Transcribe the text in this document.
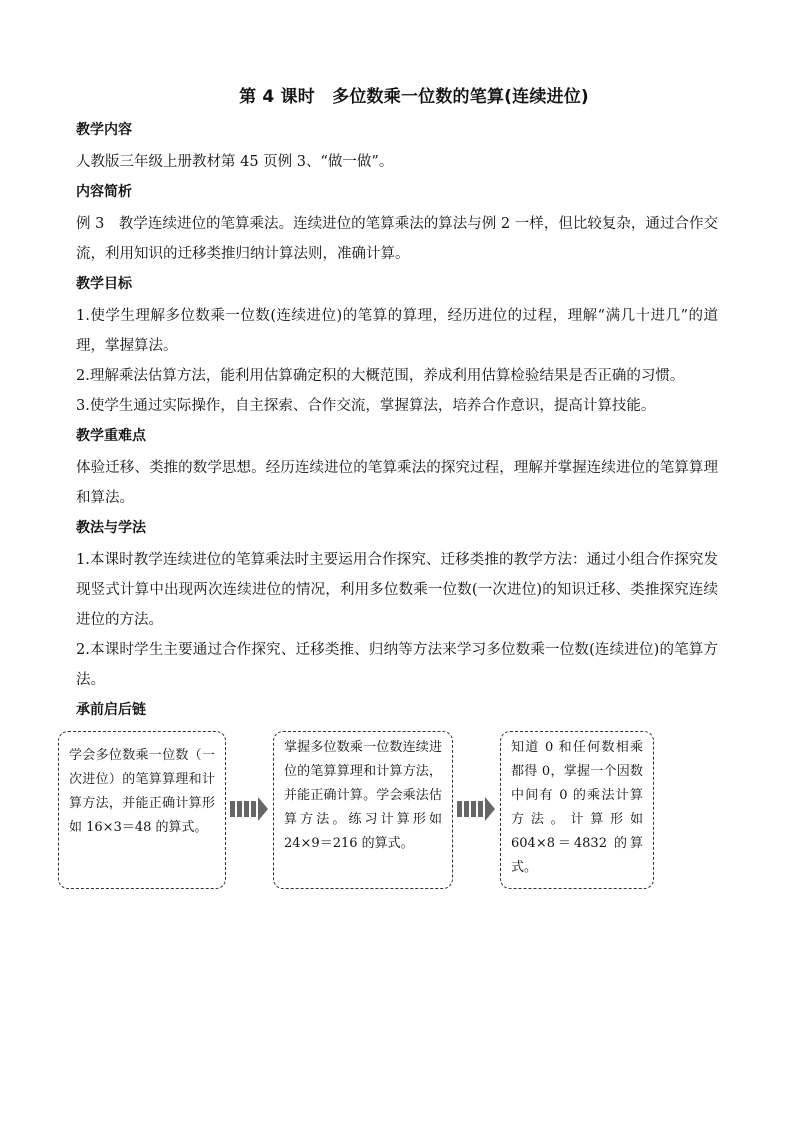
第 4 课时　多位数乘一位数的笔算(连续进位)
教学内容

人教版三年级上册教材第 45 页例 3、“做一做”。

内容简析

例 3　教学连续进位的笔算乘法。连续进位的笔算乘法的算法与例 2 一样，但比较复杂，通过合作交流，利用知识的迁移类推归纳计算法则，准确计算。

教学目标

1.使学生理解多位数乘一位数(连续进位)的笔算的算理，经历进位的过程，理解“满几十进几”的道理，掌握算法。

2.理解乘法估算方法，能利用估算确定积的大概范围，养成利用估算检验结果是否正确的习惯。

3.使学生通过实际操作，自主探索、合作交流，掌握算法，培养合作意识，提高计算技能。

教学重难点

体验迁移、类推的数学思想。经历连续进位的笔算乘法的探究过程，理解并掌握连续进位的笔算算理和算法。

教法与学法

1.本课时教学连续进位的笔算乘法时主要运用合作探究、迁移类推的教学方法：通过小组合作探究发现竖式计算中出现两次连续进位的情况，利用多位数乘一位数(一次进位)的知识迁移、类推探究连续进位的方法。

2.本课时学生主要通过合作探究、迁移类推、归纳等方法来学习多位数乘一位数(连续进位)的笔算方法。

承前启后链
学会多位数乘一位数（一次进位）的笔算算理和计算方法，并能正确计算形如 16×3＝48 的算式。
掌握多位数乘一位数连续进位的笔算算理和计算方法，并能正确计算。学会乘法估算方法。练习计算形如 24×9＝216 的算式。
知道 0 和任何数相乘都得 0，掌握一个因数中间有 0 的乘法计算方法。计算形如 604×8＝4832 的算式。
